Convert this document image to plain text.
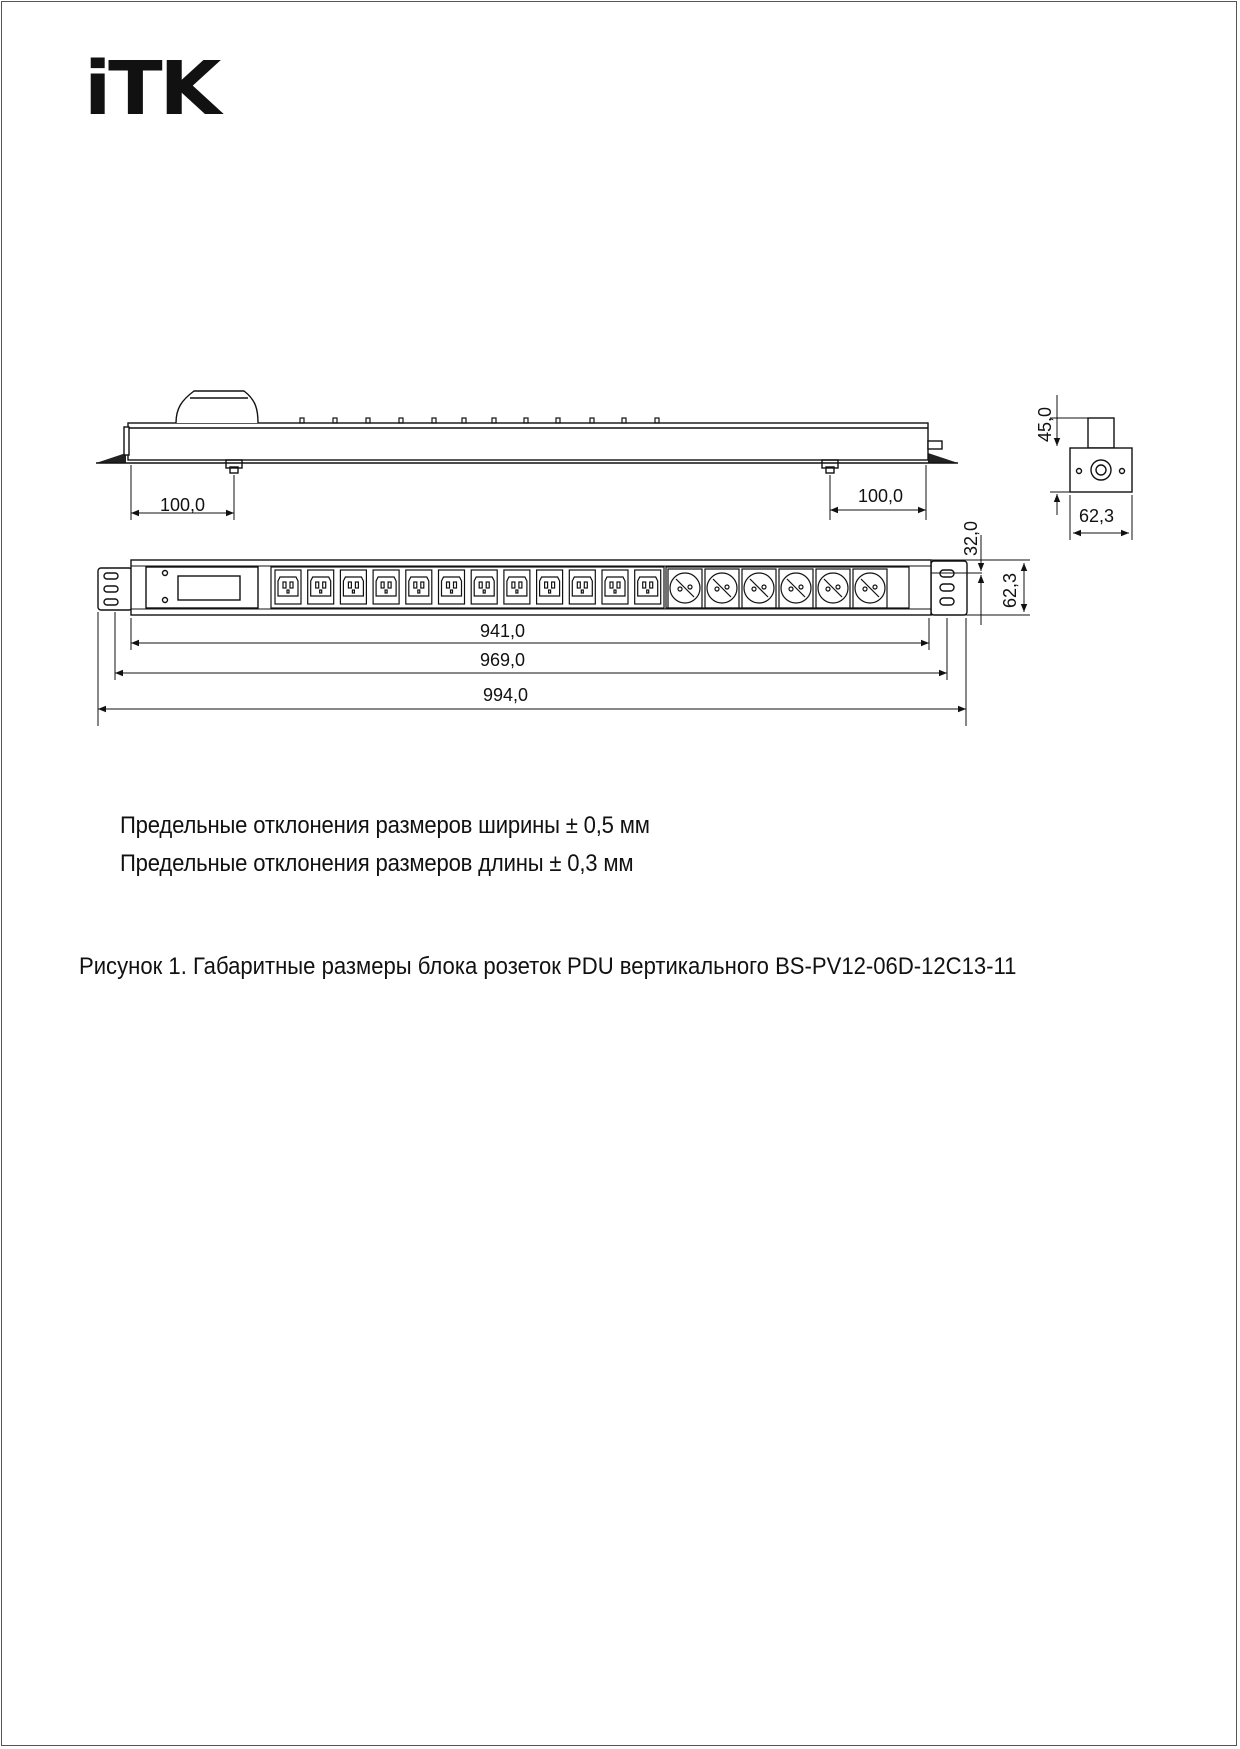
iTK
100,0	100,0
45,0
62,3
32,0
62,3
941,0
969,0
994,0
Предельные отклонения размеров ширины ± 0,5 мм
Предельные отклонения размеров длины ± 0,3 мм
Рисунок 1. Габаритные размеры блока розеток PDU вертикального BS-PV12-06D-12C13-11
